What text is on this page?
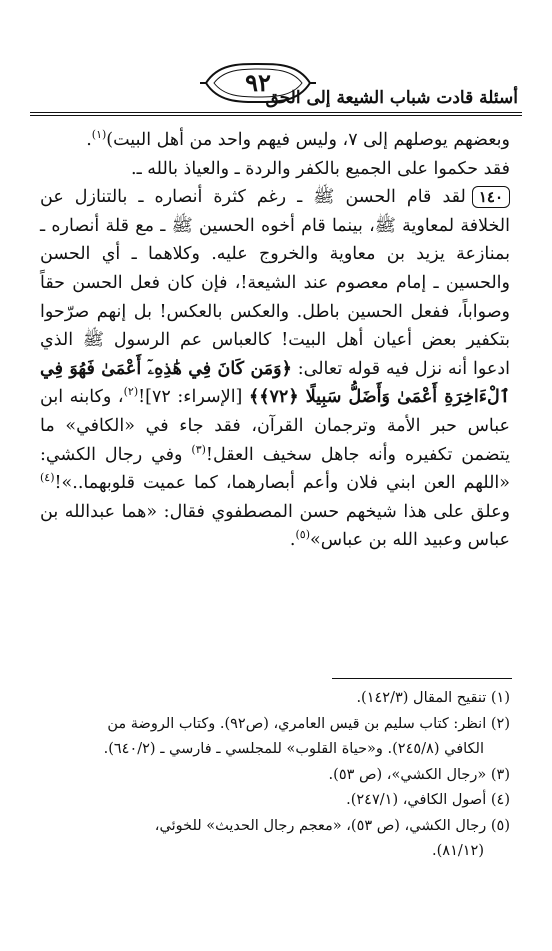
٩٢
أسئلة قادت شباب الشيعة إلى الحق

وبعضهم يوصلهم إلى ٧، وليس فيهم واحد من أهل البيت)$^{(١)}$.

فقد حكموا على الجميع بالكفر والردة ـ والعياذ بالله ـ.

١٤٠لقد قام الحسن ﷺ ـ رغم كثرة أنصاره ـ بالتنازل عن الخلافة لمعاوية ﷺ، بينما قام أخوه الحسين ﷺ ـ مع قلة أنصاره ـ بمنازعة يزيد بن معاوية والخروج عليه. وكلاهما ـ أي الحسن والحسين ـ إمام معصوم عند الشيعة!، فإن كان فعل الحسن حقاً وصواباً، ففعل الحسين باطل. والعكس بالعكس! بل إنهم صرّحوا بتكفير بعض أعيان أهل البيت! كالعباس عم الرسول ﷺ الذي ادعوا أنه نزل فيه قوله تعالى: ﴿وَمَن كَانَ فِي هَٰذِهِۦٓ أَعْمَىٰ فَهُوَ فِي ٱلْءَاخِرَةِ أَعْمَىٰ وَأَضَلُّ سَبِيلًا ﴿٧٢﴾﴾ [الإسراء: ٧٢]!$^{(٢)}$، وكابنه ابن عباس حبر الأمة وترجمان القرآن، فقد جاء في «الكافي» ما يتضمن تكفيره وأنه جاهل سخيف العقل!$^{(٣)}$ وفي رجال الكشي: «اللهم العن ابني فلان وأعم أبصارهما، كما عميت قلوبهما..»!$^{(٤)}$ وعلق على هذا شيخهم حسن المصطفوي فقال: «هما عبدالله بن عباس وعبيد الله بن عباس»$^{(٥)}$.

(١) تنقيح المقال (١٤٢/٣).

(٢) انظر: كتاب سليم بن قيس العامري، (ص٩٢). وكتاب الروضة من

الكافي (٢٤٥/٨). و«حياة القلوب» للمجلسي ـ فارسي ـ (٦٤٠/٢).

(٣) «رجال الكشي»، (ص ٥٣).

(٤) أصول الكافي، (٢٤٧/١).

(٥) رجال الكشي، (ص ٥٣)، «معجم رجال الحديث» للخوئي،

(٨١/١٢).
